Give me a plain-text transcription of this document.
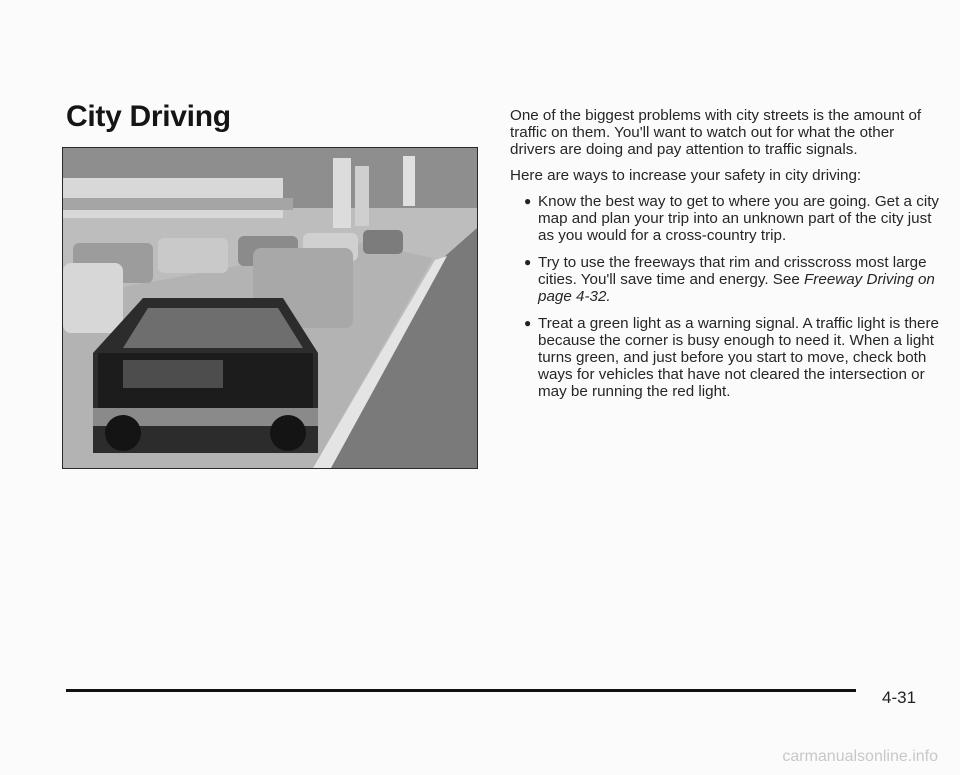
City Driving	One of the biggest problems with city streets is the amount of traffic on them. You'll want to watch out for what the other drivers are doing and pay attention to traffic signals.

Here are ways to increase your safety in city driving:

● Know the best way to get to where you are going. Get a city map and plan your trip into an unknown part of the city just as you would for a cross-country trip.
● Try to use the freeways that rim and crisscross most large cities. You'll save time and energy. See Freeway Driving on page 4-32.
● Treat a green light as a warning signal. A traffic light is there because the corner is busy enough to need it. When a light turns green, and just before you start to move, check both ways for vehicles that have not cleared the intersection or may be running the red light.
4-31
carmanualsonline.info
